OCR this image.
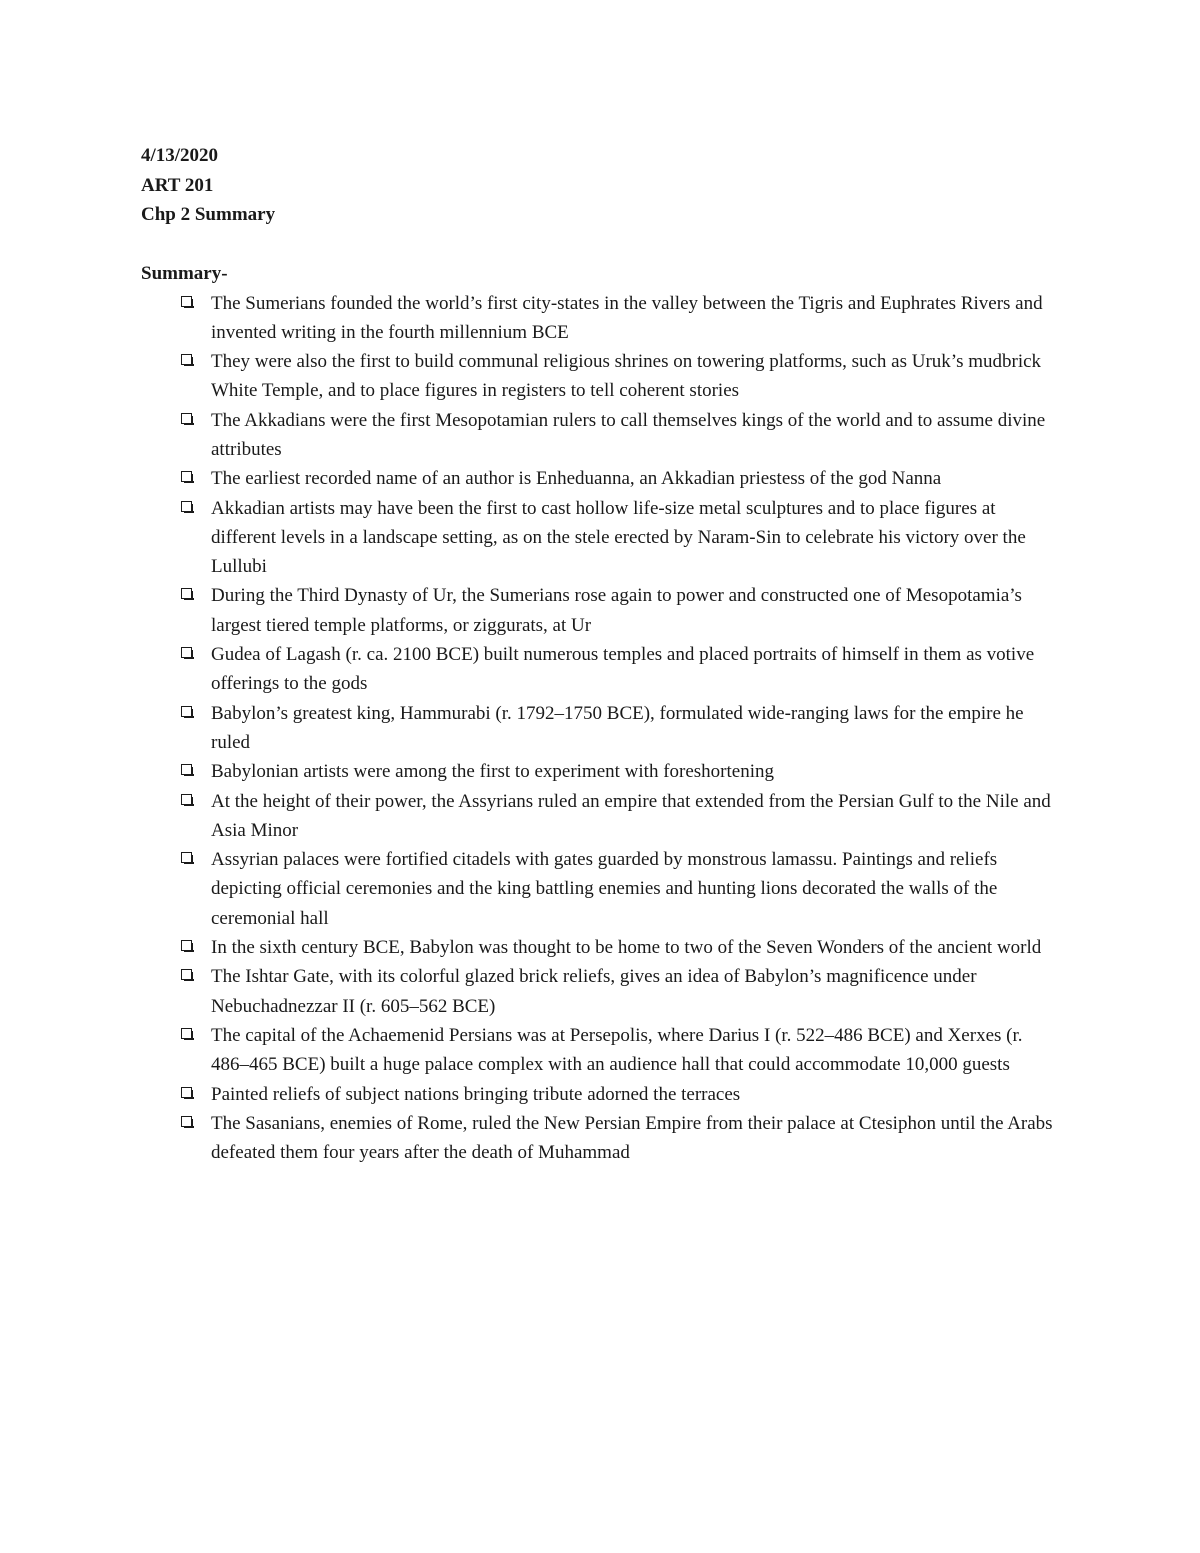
4/13/2020
ART 201
Chp 2 Summary
Summary-
The Sumerians founded the world’s first city-states in the valley between the Tigris and Euphrates Rivers and invented writing in the fourth millennium BCE
They were also the first to build communal religious shrines on towering platforms, such as Uruk’s mudbrick White Temple, and to place figures in registers to tell coherent stories
The Akkadians were the first Mesopotamian rulers to call themselves kings of the world and to assume divine attributes
The earliest recorded name of an author is Enheduanna, an Akkadian priestess of the god Nanna
Akkadian artists may have been the first to cast hollow life-size metal sculptures and to place figures at different levels in a landscape setting, as on the stele erected by Naram-Sin to celebrate his victory over the Lullubi
During the Third Dynasty of Ur, the Sumerians rose again to power and constructed one of Mesopotamia’s largest tiered temple platforms, or ziggurats, at Ur
Gudea of Lagash (r. ca. 2100 BCE) built numerous temples and placed portraits of himself in them as votive offerings to the gods
Babylon’s greatest king, Hammurabi (r. 1792–1750 BCE), formulated wide-ranging laws for the empire he ruled
Babylonian artists were among the first to experiment with foreshortening
At the height of their power, the Assyrians ruled an empire that extended from the Persian Gulf to the Nile and Asia Minor
Assyrian palaces were fortified citadels with gates guarded by monstrous lamassu. Paintings and reliefs depicting official ceremonies and the king battling enemies and hunting lions decorated the walls of the ceremonial hall
In the sixth century BCE, Babylon was thought to be home to two of the Seven Wonders of the ancient world
The Ishtar Gate, with its colorful glazed brick reliefs, gives an idea of Babylon’s magnificence under Nebuchadnezzar II (r. 605–562 BCE)
The capital of the Achaemenid Persians was at Persepolis, where Darius I (r. 522–486 BCE) and Xerxes (r. 486–465 BCE) built a huge palace complex with an audience hall that could accommodate 10,000 guests
Painted reliefs of subject nations bringing tribute adorned the terraces
The Sasanians, enemies of Rome, ruled the New Persian Empire from their palace at Ctesiphon until the Arabs defeated them four years after the death of Muhammad
